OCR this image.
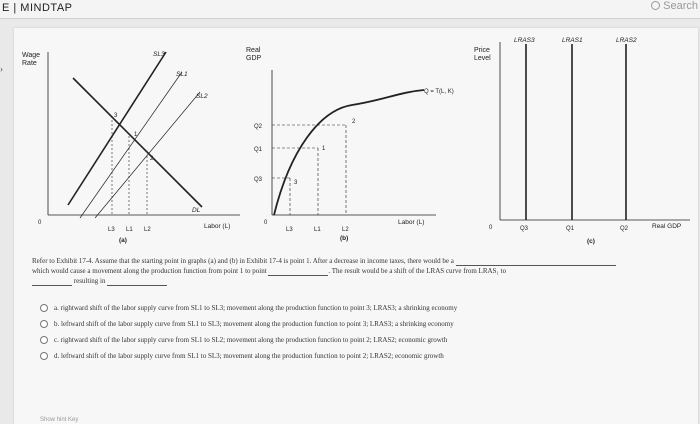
E | MINDTAP	Search
›
Wage
Rate
0	Labor (L)
SL3
SL1
SL2
DL
3
1
2
L3 L1 L2
(a)
Real
GDP
0	Labor (L)
Q = T(L, K)
Q2
Q1
Q3
L3	L1	L2
2
1
3
(b)
Price
Level
0	Real GDP
LRAS3	LRAS1	LRAS2
Q3	Q1	Q2
(c)
Refer to Exhibit 17-4. Assume that the starting point in graphs (a) and (b) in Exhibit 17-4 is point 1. After a decrease in income taxes, there would be a
which would cause a movement along the production function from point 1 to point	. The result would be a shift of the LRAS curve from LRAS₁ to
resulting in
a. rightward shift of the labor supply curve from SL1 to SL3; movement along the production function to point 3; LRAS3; a shrinking economy
b. leftward shift of the labor supply curve from SL1 to SL3; movement along the production function to point 3; LRAS3; a shrinking economy
c. rightward shift of the labor supply curve from SL1 to SL2; movement along the production function to point 2; LRAS2; economic growth
d. leftward shift of the labor supply curve from SL1 to SL3; movement along the production function to point 2; LRAS2; economic growth
Show hint Key
